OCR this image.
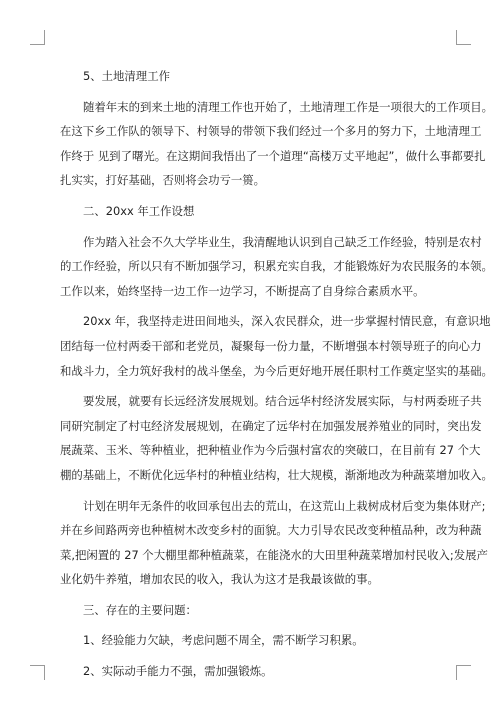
5、土地清理工作
随着年末的到来土地的清理工作也开始了，土地清理工作是一项很大的工作项目。
在这下乡工作队的领导下、村领导的带领下我们经过一个多月的努力下，土地清理工
作终于 见到了曙光。在这期间我悟出了一个道理“高楼万丈平地起”，做什么事都要扎
扎实实，打好基础，否则将会功亏一篑。
二、20xx 年工作设想
作为踏入社会不久大学毕业生，我清醒地认识到自己缺乏工作经验，特别是农村
的工作经验，所以只有不断加强学习，积累充实自我，才能锻炼好为农民服务的本领。
工作以来，始终坚持一边工作一边学习，不断提高了自身综合素质水平。
20xx 年，我坚持走进田间地头，深入农民群众，进一步掌握村情民意，有意识地
团结每一位村两委干部和老党员，凝聚每一份力量，不断增强本村领导班子的向心力
和战斗力，全力筑好我村的战斗堡垒，为今后更好地开展任职村工作奠定坚实的基础。
要发展，就要有长远经济发展规划。结合远华村经济发展实际，与村两委班子共
同研究制定了村屯经济发展规划，在确定了远华村在加强发展养殖业的同时，突出发
展蔬菜、玉米、等种植业，把种植业作为今后强村富农的突破口，在目前有 27 个大
棚的基础上，不断优化远华村的种植业结构，壮大规模，渐渐地改为种蔬菜增加收入。
计划在明年无条件的收回承包出去的荒山，在这荒山上栽树成材后变为集体财产;
并在乡间路两旁也种植树木改变乡村的面貌。大力引导农民改变种植品种，改为种蔬
菜,把闲置的 27 个大棚里都种植蔬菜，在能浇水的大田里种蔬菜增加村民收入;发展产
业化奶牛养殖，增加农民的收入，我认为这才是我最该做的事。
三、存在的主要问题：
1、经验能力欠缺，考虑问题不周全，需不断学习积累。
2、实际动手能力不强，需加强锻炼。
